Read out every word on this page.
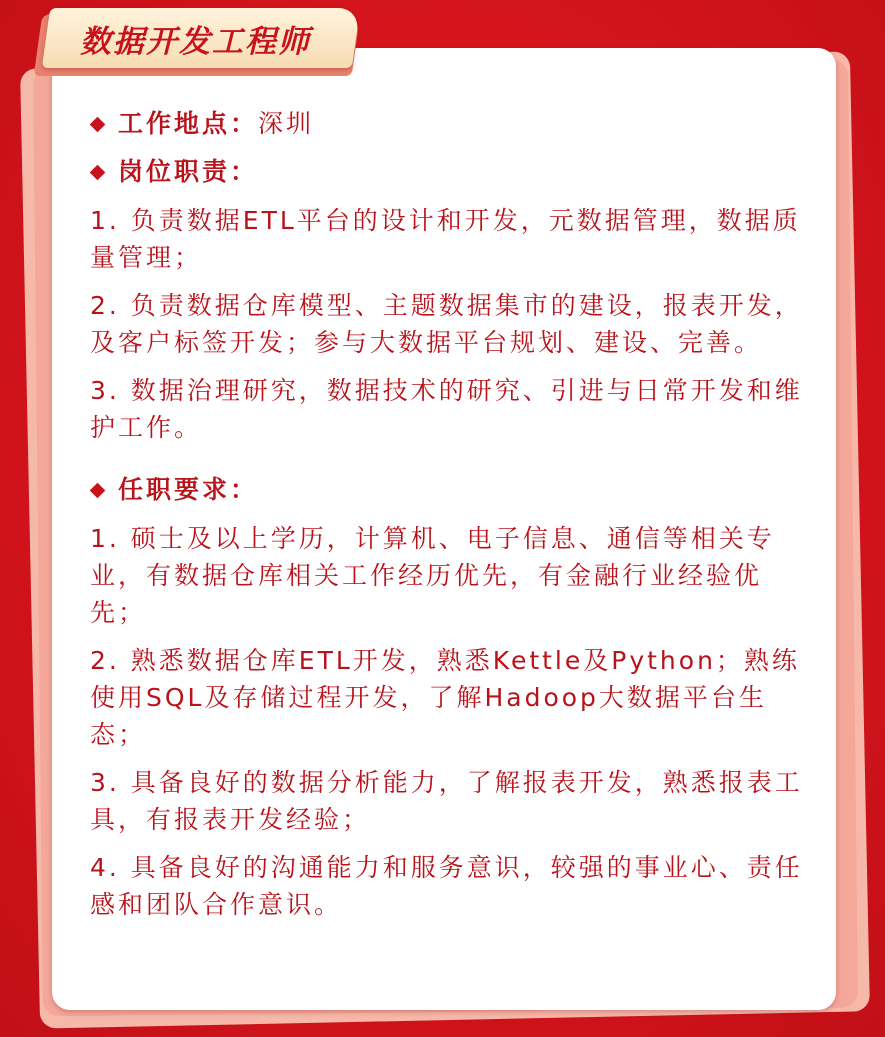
数据开发工程师
工作地点： 深圳
岗位职责：

1. 负责数据ETL平台的设计和开发，元数据管理，数据质量管理；

2. 负责数据仓库模型、主题数据集市的建设，报表开发，及客户标签开发；参与大数据平台规划、建设、完善。

3. 数据治理研究，数据技术的研究、引进与日常开发和维护工作。

任职要求：

1. 硕士及以上学历，计算机、电子信息、通信等相关专业，有数据仓库相关工作经历优先，有金融行业经验优先；

2. 熟悉数据仓库ETL开发，熟悉Kettle及Python；熟练使用SQL及存储过程开发，了解Hadoop大数据平台生态；

3. 具备良好的数据分析能力，了解报表开发，熟悉报表工具，有报表开发经验；

4. 具备良好的沟通能力和服务意识，较强的事业心、责任感和团队合作意识。
